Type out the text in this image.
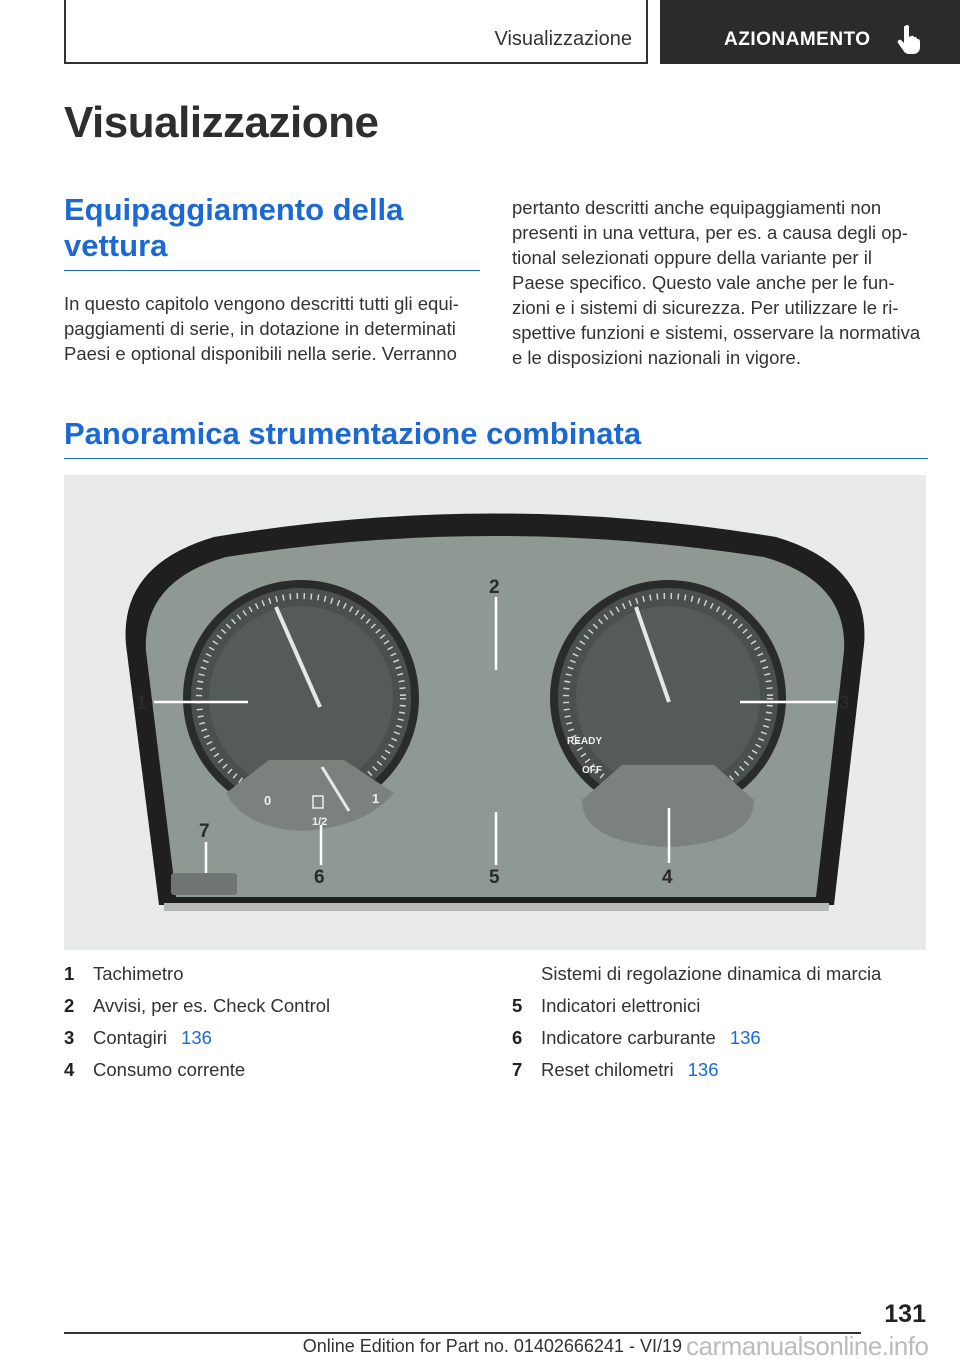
Visualizzazione	AZIONAMENTO
Visualizzazione
Equipaggiamento della
vettura

In questo capitolo vengono descritti tutti gli equi-
paggiamenti di serie, in dotazione in determinati
Paesi e optional disponibili nella serie. Verranno

pertanto descritti anche equipaggiamenti non
presenti in una vettura, per es. a causa degli op-
tional selezionati oppure della variante per il
Paese specifico. Questo vale anche per le fun-
zioni e i sistemi di sicurezza. Per utilizzare le ri-
spettive funzioni e sistemi, osservare la normativa
e le disposizioni nazionali in vigore.

Panoramica strumentazione combinata
0
1/2
1
READY
OFF
1
2
3
4
5
6
7
1	Tachimetro
2	Avvisi, per es. Check Control
3	Contagiri 136
4	Consumo corrente
Sistemi di regolazione dinamica di marcia
5	Indicatori elettronici
6	Indicatore carburante 136
7	Reset chilometri 136
131
Online Edition for Part no. 01402666241 - VI/19 carmanualsonline.info
